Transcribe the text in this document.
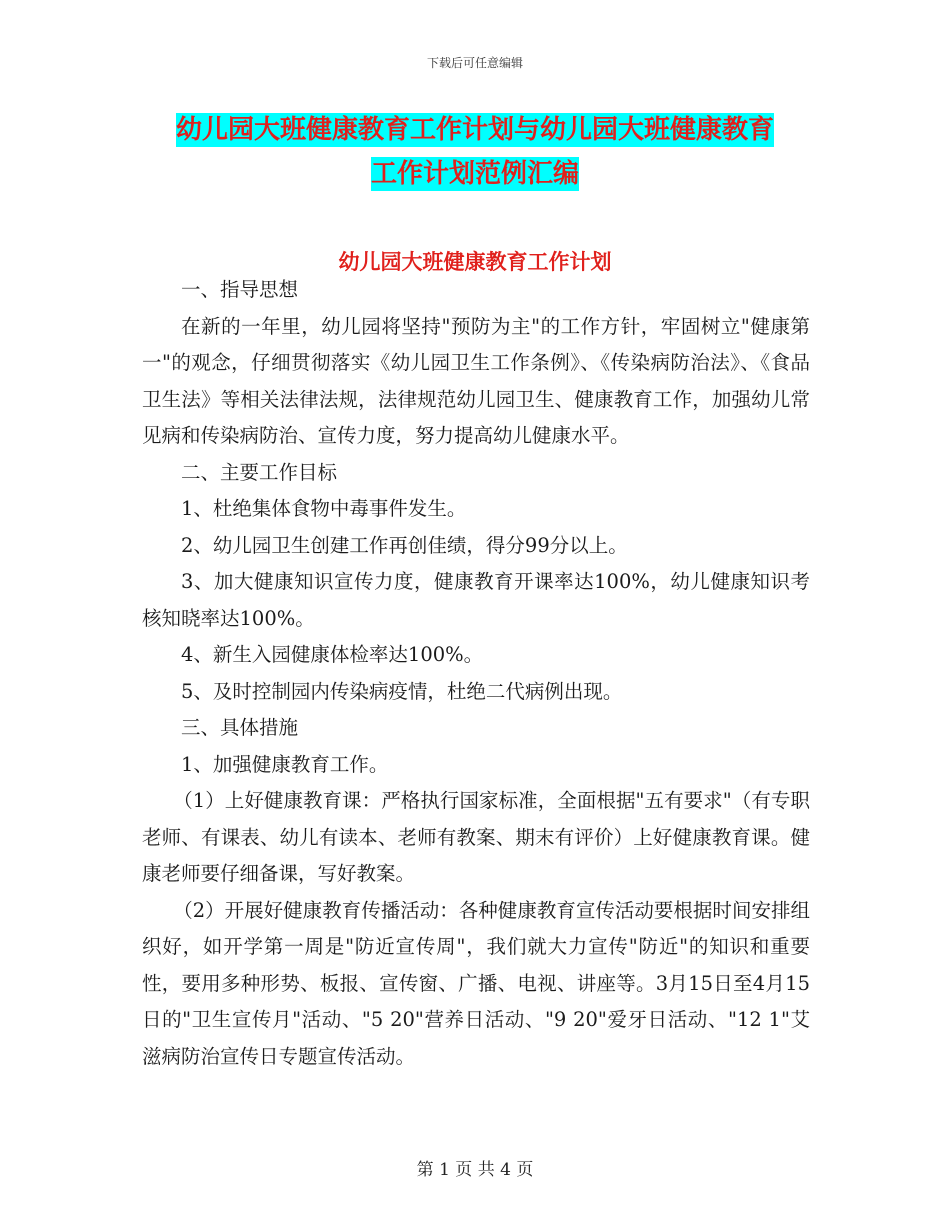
下载后可任意编辑
幼儿园大班健康教育工作计划与幼儿园大班健康教育
工作计划范例汇编
幼儿园大班健康教育工作计划

一、指导思想

在新的一年里，幼儿园将坚持"预防为主"的工作方针，牢固树立"健康第一"的观念，仔细贯彻落实《幼儿园卫生工作条例》、《传染病防治法》、《食品卫生法》等相关法律法规，法律规范幼儿园卫生、健康教育工作，加强幼儿常见病和传染病防治、宣传力度，努力提高幼儿健康水平。

二、主要工作目标

1、杜绝集体食物中毒事件发生。

2、幼儿园卫生创建工作再创佳绩，得分99分以上。

3、加大健康知识宣传力度，健康教育开课率达100%，幼儿健康知识考核知晓率达100%。

4、新生入园健康体检率达100%。

5、及时控制园内传染病疫情，杜绝二代病例出现。

三、具体措施

1、加强健康教育工作。

（1）上好健康教育课：严格执行国家标准，全面根据"五有要求"（有专职老师、有课表、幼儿有读本、老师有教案、期末有评价）上好健康教育课。健康老师要仔细备课，写好教案。

（2）开展好健康教育传播活动：各种健康教育宣传活动要根据时间安排组织好，如开学第一周是"防近宣传周"，我们就大力宣传"防近"的知识和重要性，要用多种形势、板报、宣传窗、广播、电视、讲座等。3月15日至4月15日的"卫生宣传月"活动、"5 20"营养日活动、"9 20"爱牙日活动、"12 1"艾滋病防治宣传日专题宣传活动。

第 1 页 共 4 页
